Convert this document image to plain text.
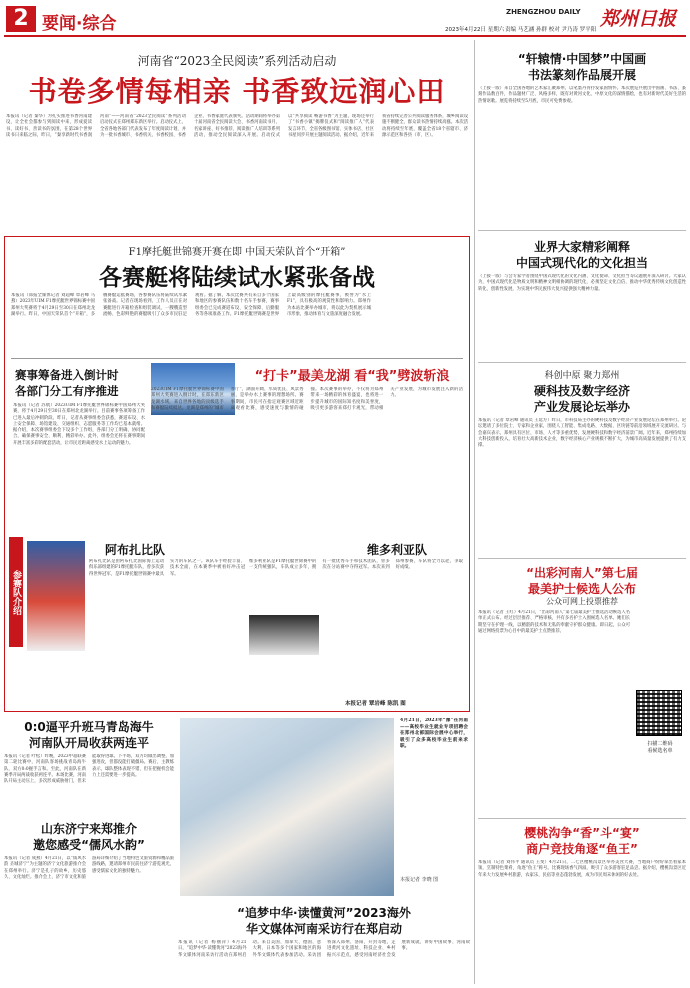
2 要闻·综合
ZHENGZHOU DAILY 郑州日报
2023年4月22日 星期六 责编 马艺涵 孙群 校对 尹乃涛 罗平阳
河南省“2023全民阅读”系列活动启动
书卷多情每相亲 书香致远润心田
本报讯（记者 秦华）为扎实推进书香河南建设，让全社会都参与到阅读中来，形成爱读书、读好书、善读书的氛围，在第28个世界读书日来临之际，昨日，“秦享新时代书香润河南”——河南省“2023全民阅读”系列活动启动仪式在郑州郑东新区举行。启动仪式上，全省各地各部门代表发布了年度阅读计划，并为一批书香城市、书香机关、书香校园、书香企业、书香家庭代表颁奖。活动期间将举办第十届河南省全民阅读大会、书香河南读书月、名家讲座、好书推荐、阅读推广人培训等系列活动，推动全民阅读深入开展。启动仪式以“共享阅读 畅游书香”为主题，现场还举行了“书香小镇”揭牌仪式和“阅读推广人”代表发言环节，全省各级图书馆、实体书店、社区书屋同步开展主题阅读活动。据介绍，近年来我省持续完善公共阅读服务体系，城乡阅读设施不断健全，群众读书热情持续高涨。本次活动将持续至年底，覆盖全省18个省辖市、济源示范区和各县（市、区）。
F1摩托艇世锦赛开赛在即 中国天荣队首个“开箱”
各赛艇将陆续试水紧张备战
本报讯（郑报全媒体记者 刘超峰 覃岩峰 马燕）2023年UIM F1摩托艇世界锦标赛中国郑州大奖赛将于4月29日至30日在郑州北龙湖举行。昨日，中国天荣队首个“开箱”，多艘赛艇运抵赛场，各参赛队伍将陆续试水紧张备战。记者在现场看到，工作人员正在对赛艇进行开箱检查和组装调试，一艘艘造型流畅、色彩鲜艳的赛艇吸引了众多市民驻足观看。据了解，本次比赛共有来自多个国家和地区的参赛队伍和数十名车手参赛，赛事组委会已完成赛道布设、安全保障、后勤服务等各项准备工作。F1摩托艇世锦赛是世界上最高级别的摩托艇赛事，被誉为“水上F1”，具有极高的观赏性和影响力。郑州作为本站比赛举办城市，将以此为契机展示城市形象，推动体育与文旅深度融合发展。
赛事筹备进入倒计时
各部门分工有序推进
本报讯（记者 苏航）2023UIM F1摩托艇世界锦标赛中国郑州大奖赛，将于4月29日至30日在郑州北龙湖举行。目前赛事各项筹备工作已进入最后冲刺阶段。昨日，记者从赛事组委会获悉，赛道布设、水上安全保障、场馆建设、交通组织、志愿服务等工作均已基本就绪。据介绍，本次赛事组委会下设多个工作组，各部门分工明确、协同配合，确保赛事安全、顺利、精彩举办。此外，组委会还将在赛事期间开展丰富多彩的配套活动，让市民近距离感受水上运动的魅力。
“打卡”最美龙湖 看“我”劈波斩浪
2023UIM F1摩托艇世界锦标赛中国郑州大奖赛进入倒计时，在郑东新区龙湖水域，来自世界各地的顶级选手和赛艇陆续抵达。龙湖是郑州的“城市客厅”，湖面开阔、水质优良、风景秀丽，是举办水上赛事的理想场所。赛事期间，市民可在指定观赛区域近距离观看比赛，感受速度与激情的碰撞。本次赛事的举办，不仅将为郑州带来一场精彩的体育盛宴，也将进一步提升城市的国际知名度和美誉度，吸引更多游客来郑打卡观光，带动相关产业发展，为城市发展注入新的活力。
参赛队介绍
阿布扎比队
阿布扎比队是由阿布扎比国际海上运动俱乐部组建的F1摩托艇车队，曾多次获得世界冠军，是F1摩托艇世锦赛中最具实力的车队之一。该队车手经验丰富、技术全面，在本赛季中被看好冲击冠军。
维多利亚队
维多利亚队是F1摩托艇世锦赛中的一支传统强队，车队成立多年，拥有一批优秀车手和技术团队，曾多次在分站赛中夺得冠军。本次来到郑州参赛，车队将全力以赴，争取好成绩。
本报记者 覃岩峰 陈凯 图
0:0逼平升班马青岛海牛
河南队开局收获两连平
本报讯（记者 叶松）昨晚，2023中超联赛第二轮比赛中，河南队客场挑战青岛海牛队，双方0:0握手言和。至此，河南队在新赛季开局两战收获两连平。本场比赛，河南队开局主动压上，多次形成威胁射门，但未能取得进球。下半场，双方均做出调整，加强进攻，但都没能打破僵局。赛后，主教练表示，球队整体表现不错，但在把握机会能力上还需要进一步提高。
4月21日，2023年“豫”在河南——高校毕业生就业专项招聘会在郑州北部国际会展中心举行，吸引了众多高校毕业生前来求职。
本报记者 李晓 图
山东济宁来郑推介
邀您感受“儒风水韵”
本报讯（记者 成燕）4月21日，以“儒风水韵 圣城济宁”为主题的济宁文化旅游推介会在郑州举行。济宁是孔子的故乡，历史悠久、文化灿烂。推介会上，济宁市文化和旅游局详细介绍了当地特色文旅资源和精品旅游线路，邀请郑州市民前往济宁游览观光，感受儒家文化的独特魅力。
“追梦中华·读懂黄河”2023海外
华文媒体河南采访行在郑启动
本报讯（记者 杨丽萍）4月21日，“追梦中华·读懂黄河”2023海外华文媒体河南采访行活动在郑州启动。来自美国、加拿大、德国、意大利、日本等多个国家和地区的海外华文媒体代表参加活动。采访团将深入郑州、洛阳、开封等地，走进黄河文化遗址、科技企业、乡村振兴示范点，感受河南经济社会发展新成就，讲好中国故事、河南故事。
“轩辕情·中国梦”中国画
书法篆刻作品展开展
（上接一版）来自全国各地的艺术家汇聚郑州，以笔墨丹青抒发家国情怀。本次展览共展出中国画、书法、篆刻作品数百件，作品题材广泛、风格多样，既有对黄河文化、中原文化的深情描绘，也有对新时代美好生活的热情讴歌。展览将持续至5月底，市民可免费参观。
业界大家精彩阐释
中国式现代化的文化担当
（上接一版）与会专家学者围绕中国式现代化的文化内涵、文化使命、文化担当等议题展开深入研讨。大家认为，中国式现代化是物质文明和精神文明相协调的现代化，必须坚定文化自信，推动中华优秀传统文化创造性转化、创新性发展，为实现中华民族伟大复兴提供强大精神力量。
科创中原 聚力郑州
硬科技及数字经济
产业发展论坛举办
本报讯（记者 覃岩峰 通讯员 王延方）昨日，市科技局主办的硬科技及数字经济产业发展论坛在郑州举行。论坛邀请了多位院士、专家和企业家，围绕人工智能、集成电路、大数据、区块链等前沿领域展开交流研讨。与会嘉宾表示，郑州具有区位、市场、人才等多重优势，发展硬科技和数字经济前景广阔。近年来，郑州持续加大科技创新投入，培育壮大高新技术企业，数字经济核心产业规模不断扩大，为城市高质量发展提供了有力支撑。
“出彩河南人”第七届
最美护士候选人公布
公众可网上投票推荐
本报讯（记者 王红）4月21日，“出彩河南人”第七届最美护士推选活动候选人名单正式公布。经过层层推荐、严格审核，共有多名护士入围候选人名单。她们长期坚守在护理一线，以精湛的技术和无私的奉献守护群众健康。即日起，公众可通过网络投票为心目中的最美护士点赞推荐。
扫描二维码
看候选名单
樱桃沟争“香”斗“宴”
商户竞技角逐“鱼王”
本报讯（记者 刘伟平 通讯员 王斐）4月21日，二七区樱桃沟景区举办美食大赛，当地商户纷纷拿出看家本领，烹制特色菜肴，角逐“鱼王”称号。比赛现场香气四溢，吸引了众多游客驻足品尝。据介绍，樱桃沟景区近年来大力发展乡村旅游，农家乐、民宿等业态蓬勃发展，成为市民周末休闲的好去处。
